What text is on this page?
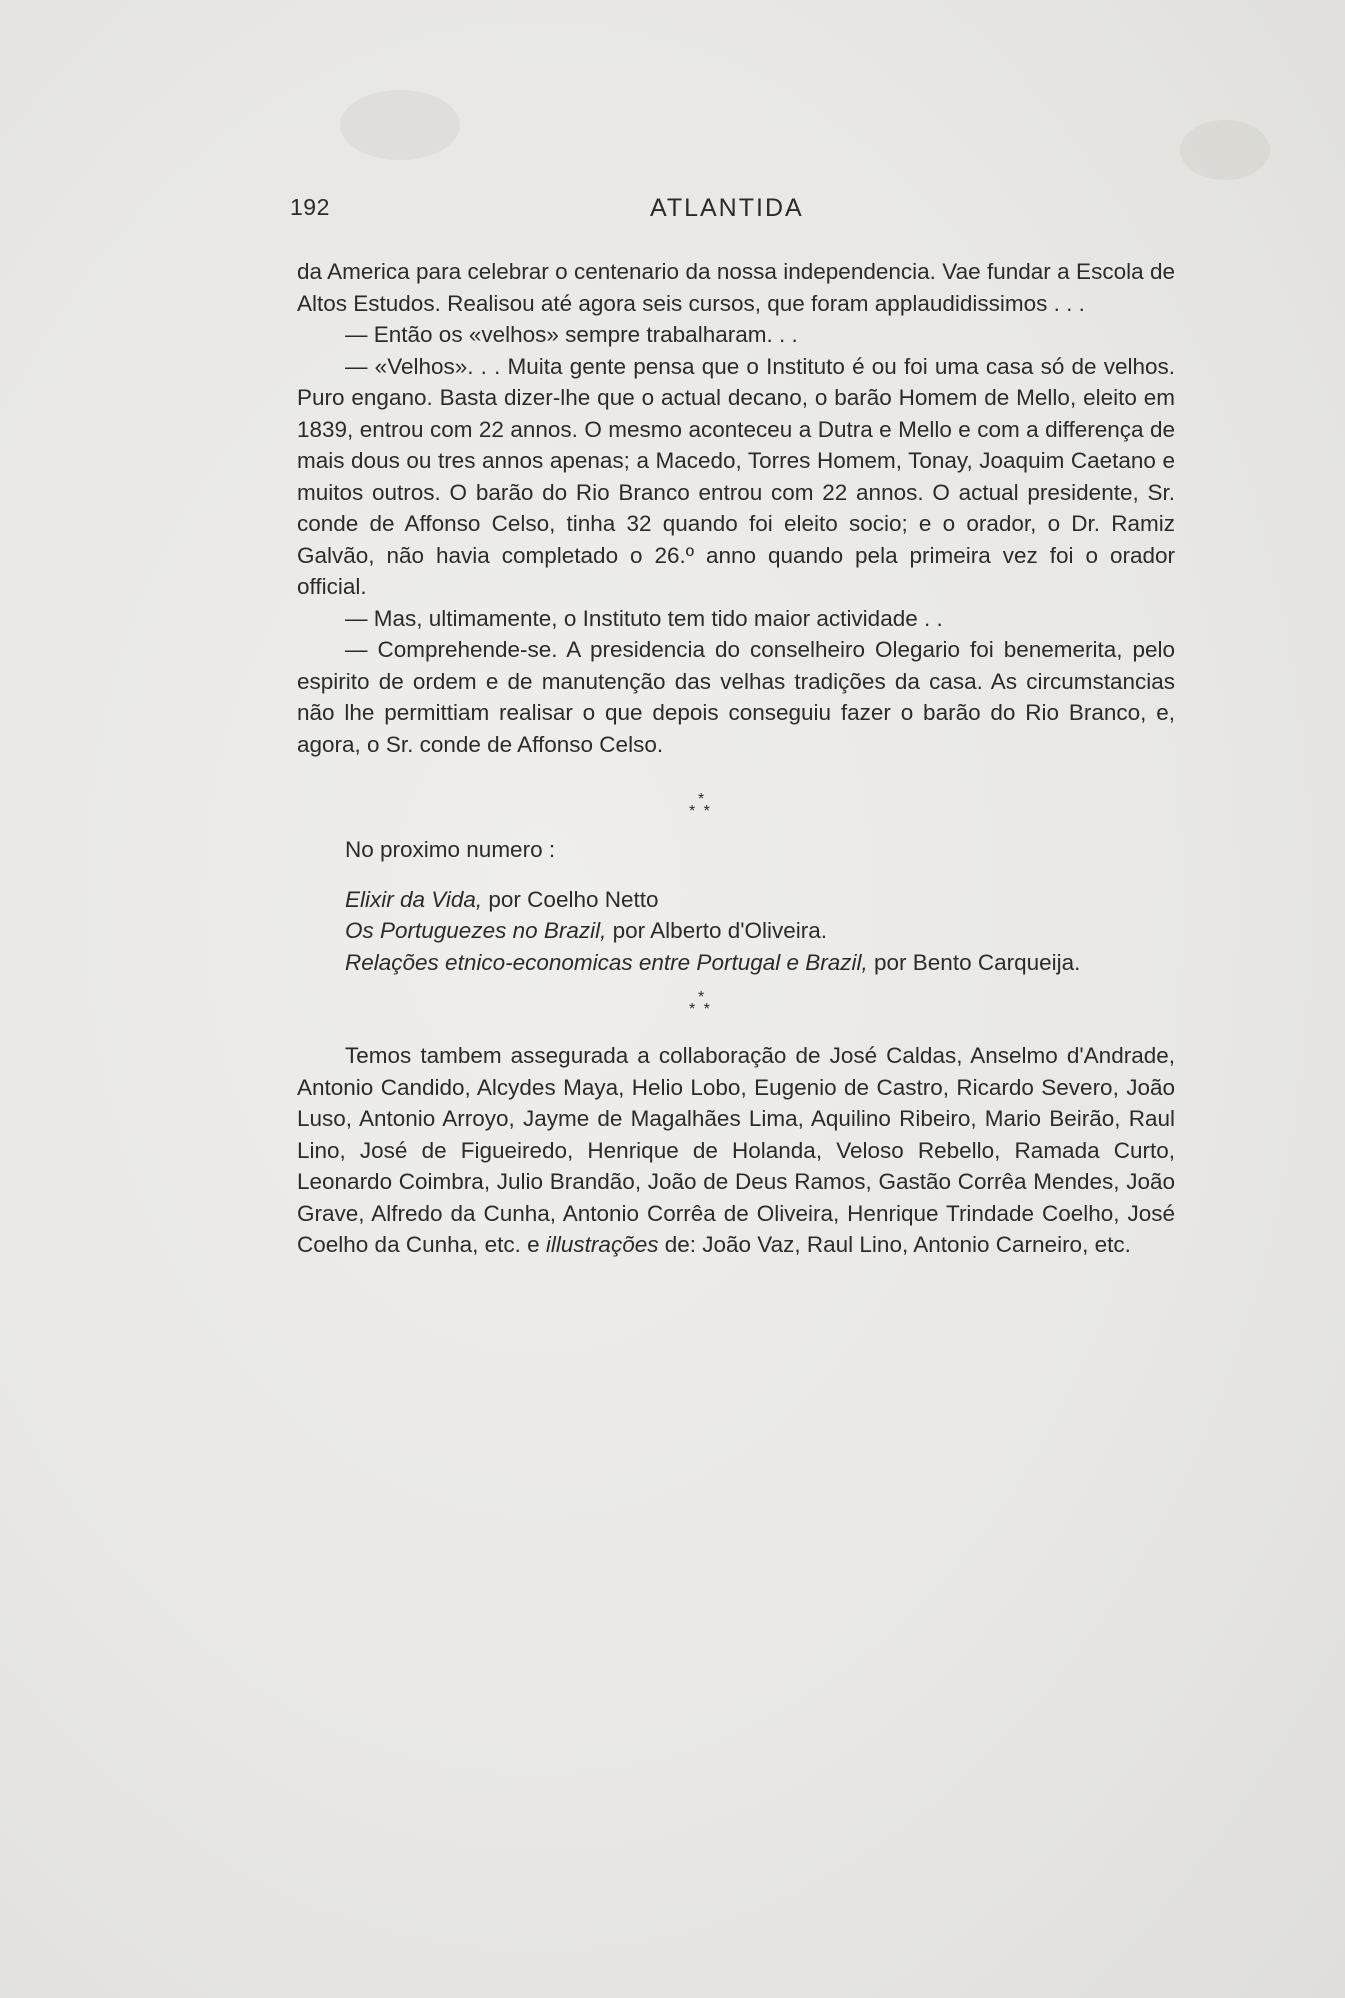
192	ATLANTIDA

da America para celebrar o centenario da nossa independencia. Vae fundar a Escola de Altos Estudos. Realisou até agora seis cursos, que foram applaudidissimos . . .

— Então os «velhos» sempre trabalharam. . .

— «Velhos». . . Muita gente pensa que o Instituto é ou foi uma casa só de velhos. Puro engano. Basta dizer-lhe que o actual decano, o barão Homem de Mello, eleito em 1839, entrou com 22 annos. O mesmo aconteceu a Dutra e Mello e com a differença de mais dous ou tres annos apenas; a Macedo, Torres Homem, Tonay, Joaquim Caetano e muitos outros. O barão do Rio Branco entrou com 22 annos. O actual presidente, Sr. conde de Affonso Celso, tinha 32 quando foi eleito socio; e o orador, o Dr. Ramiz Galvão, não havia completado o 26.º anno quando pela primeira vez foi o orador official.

— Mas, ultimamente, o Instituto tem tido maior actividade . .

— Comprehende-se. A presidencia do conselheiro Olegario foi benemerita, pelo espirito de ordem e de manutenção das velhas tradições da casa. As circumstancias não lhe permittiam realisar o que depois conseguiu fazer o barão do Rio Branco, e, agora, o Sr. conde de Affonso Celso.

*
* *

No proximo numero :

Elixir da Vida, por Coelho Netto

Os Portuguezes no Brazil, por Alberto d'Oliveira.

Relações etnico-economicas entre Portugal e Brazil, por Bento Carqueija.

*
* *

Temos tambem assegurada a collaboração de José Caldas, Anselmo d'Andrade, Antonio Candido, Alcydes Maya, Helio Lobo, Eugenio de Castro, Ricardo Severo, João Luso, Antonio Arroyo, Jayme de Magalhães Lima, Aquilino Ribeiro, Mario Beirão, Raul Lino, José de Figueiredo, Henrique de Holanda, Veloso Rebello, Ramada Curto, Leonardo Coimbra, Julio Brandão, João de Deus Ramos, Gastão Corrêa Mendes, João Grave, Alfredo da Cunha, Antonio Corrêa de Oliveira, Henrique Trindade Coelho, José Coelho da Cunha, etc. e illustrações de: João Vaz, Raul Lino, Antonio Carneiro, etc.
